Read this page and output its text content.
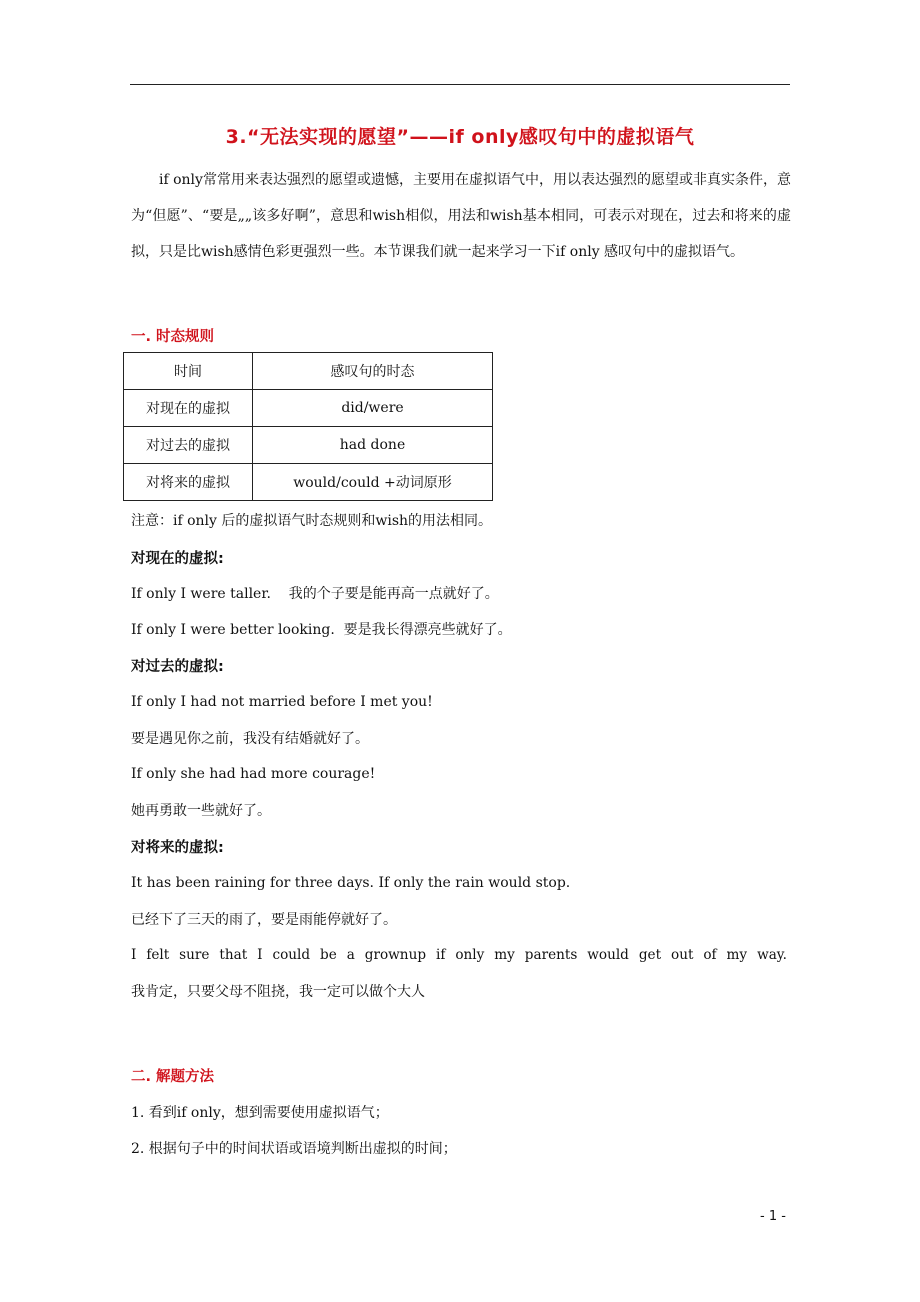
3.“无法实现的愿望”——if only感叹句中的虚拟语气
if only常常用来表达强烈的愿望或遗憾，主要用在虚拟语气中，用以表达强烈的愿望或非真实条件，意为“但愿”、“要是„„该多好啊”，意思和wish相似，用法和wish基本相同，可表示对现在，过去和将来的虚拟，只是比wish感情色彩更强烈一些。本节课我们就一起来学习一下if only 感叹句中的虚拟语气。
一. 时态规则
时间	感叹句的时态
对现在的虚拟	did/were
对过去的虚拟	had done
对将来的虚拟	would/could +动词原形
注意：if only 后的虚拟语气时态规则和wish的用法相同。
对现在的虚拟:
If only I were taller.    我的个子要是能再高一点就好了。
If only I were better looking.  要是我长得漂亮些就好了。
对过去的虚拟:
If only I had not married before I met you!
要是遇见你之前，我没有结婚就好了。
If only she had had more courage!
她再勇敢一些就好了。
对将来的虚拟:
It has been raining for three days. If only the rain would stop.
已经下了三天的雨了，要是雨能停就好了。
I felt sure that I could be a grownup if only my parents would get out of my way.
我肯定，只要父母不阻挠，我一定可以做个大人
二. 解题方法
1. 看到if only，想到需要使用虚拟语气；
2. 根据句子中的时间状语或语境判断出虚拟的时间；
- 1 -
